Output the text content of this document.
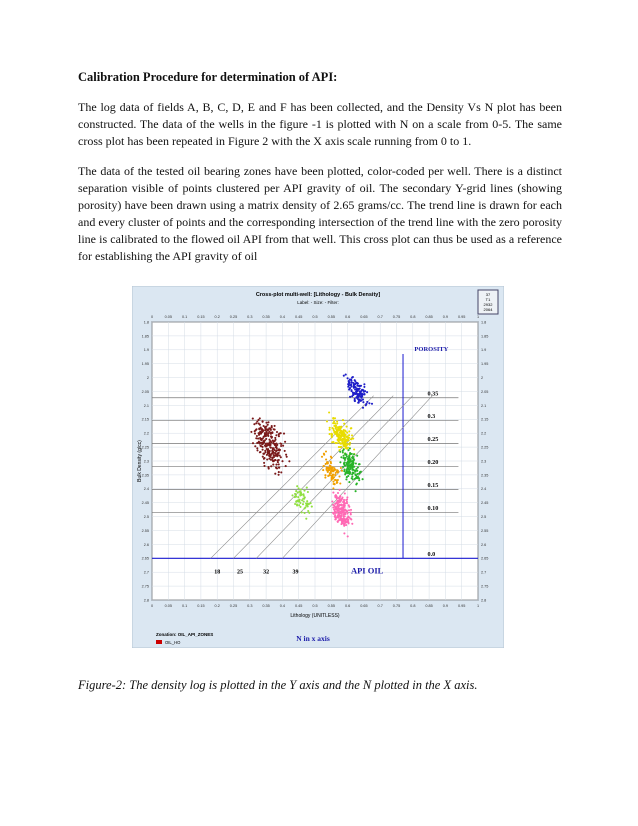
Calibration Procedure for determination of API:

The log data of fields A, B, C, D, E and F has been collected, and the Density Vs N plot has been constructed. The data of the wells in the figure -1 is plotted with N on a scale from 0-5. The same cross plot has been repeated in Figure 2 with the X axis scale running from 0 to 1.

The data of the tested oil bearing zones have been plotted, color-coded per well. There is a distinct separation visible of points clustered per API gravity of oil. The secondary Y-grid lines (showing porosity) have been drawn using a matrix density of 2.65 grams/cc. The trend line is drawn for each and every cluster of points and the corresponding intersection of the trend line with the zero porosity line is calibrated to the flowed oil API from that well. This cross plot can thus be used as a reference for establishing the API gravity of oil

Cross-plot multi-well: [Lithology - Bulk Density]
Label: - Size: - Filter:
37
T1
2932
2064
0
0
0.05
0.05
0.1
0.1
0.15
0.15
0.2
0.2
0.25
0.25
0.3
0.3
0.35
0.35
0.4
0.4
0.45
0.45
0.5
0.5
0.55
0.55
0.6
0.6
0.65
0.65
0.7
0.7
0.75
0.75
0.8
0.8
0.85
0.85
0.9
0.9
0.95
0.95
1
1
1.8	1.8
1.85	1.85
1.9	1.9
1.95	1.95
2	2
2.05	2.05
2.1	2.1
2.15	2.15
2.2	2.2
2.25	2.25
2.3	2.3
2.35	2.35
2.4	2.4
2.45	2.45
2.5	2.5
2.55	2.55
2.6	2.6
2.65	2.65
2.7	2.7
2.75	2.75
2.8	2.8
0.35
0.3
0.25
0.20
0.15
0.10
0.0
POROSITY
18	25	32	39	API OIL
Lithology (UNITLESS)
Bulk Density (g/cc)
Zonation: OIL_API_ZONES
OIL_HO	N in x axis
Figure-2: The density log is plotted in the Y axis and the N plotted in the X axis.
